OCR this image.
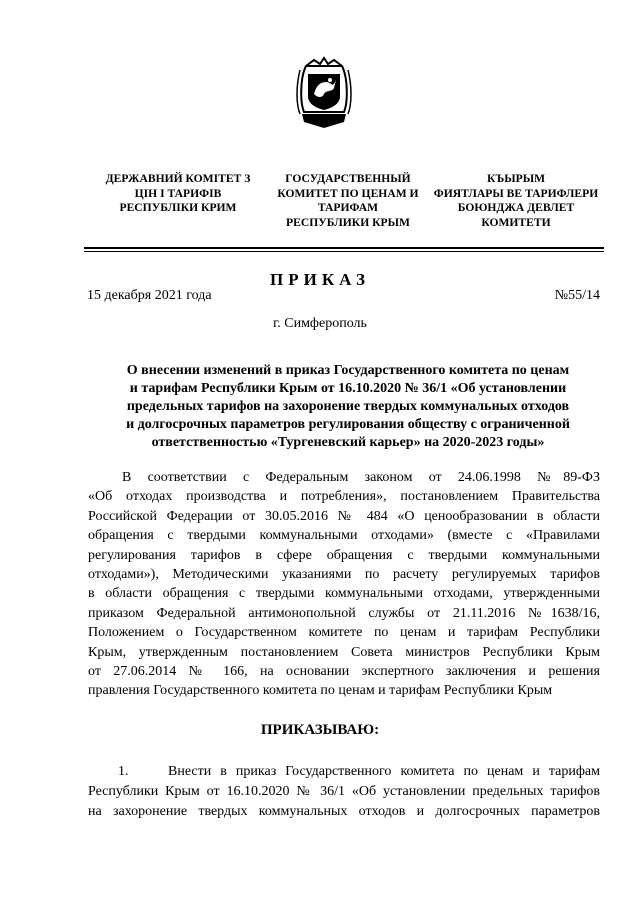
ДЕРЖАВНИЙ КОМІТЕТ З
ЦІН І ТАРИФІВ
РЕСПУБЛІКИ КРИМ
ГОСУДАРСТВЕННЫЙ
КОМИТЕТ ПО ЦЕНАМ И
ТАРИФАМ
РЕСПУБЛИКИ КРЫМ
КЪЫРЫМ
ФИЯТЛАРЫ ВЕ ТАРИФЛЕРИ
БОЮНДЖА ДЕВЛЕТ
КОМИТЕТИ
ПРИКАЗ
15 декабря 2021 года	№55/14
г. Симферополь
О внесении изменений в приказ Государственного комитета по ценам
и тарифам Республики Крым от 16.10.2020 № 36/1 «Об установлении
предельных тарифов на захоронение твердых коммунальных отходов
и долгосрочных параметров регулирования обществу с ограниченной
ответственностью «Тургеневский карьер» на 2020-2023 годы»
В соответствии с Федеральным законом от 24.06.1998 №89-ФЗ
«Об отходах производства и потребления», постановлением Правительства
Российской Федерации от 30.05.2016 № 484 «О ценообразовании в области
обращения с твердыми коммунальными отходами» (вместе с «Правилами
регулирования тарифов в сфере обращения с твердыми коммунальными
отходами»), Методическими указаниями по расчету регулируемых тарифов
в области обращения с твердыми коммунальными отходами, утвержденными
приказом Федеральной антимонопольной службы от 21.11.2016 №1638/16,
Положением о Государственном комитете по ценам и тарифам Республики
Крым, утвержденным постановлением Совета министров Республики Крым
от 27.06.2014 № 166, на основании экспертного заключения и решения
правления Государственного комитета по ценам и тарифам Республики Крым
ПРИКАЗЫВАЮ:
1.	Внести в приказ Государственного комитета по ценам и тарифам
Республики Крым от 16.10.2020 № 36/1 «Об установлении предельных тарифов
на захоронение твердых коммунальных отходов и долгосрочных параметров
